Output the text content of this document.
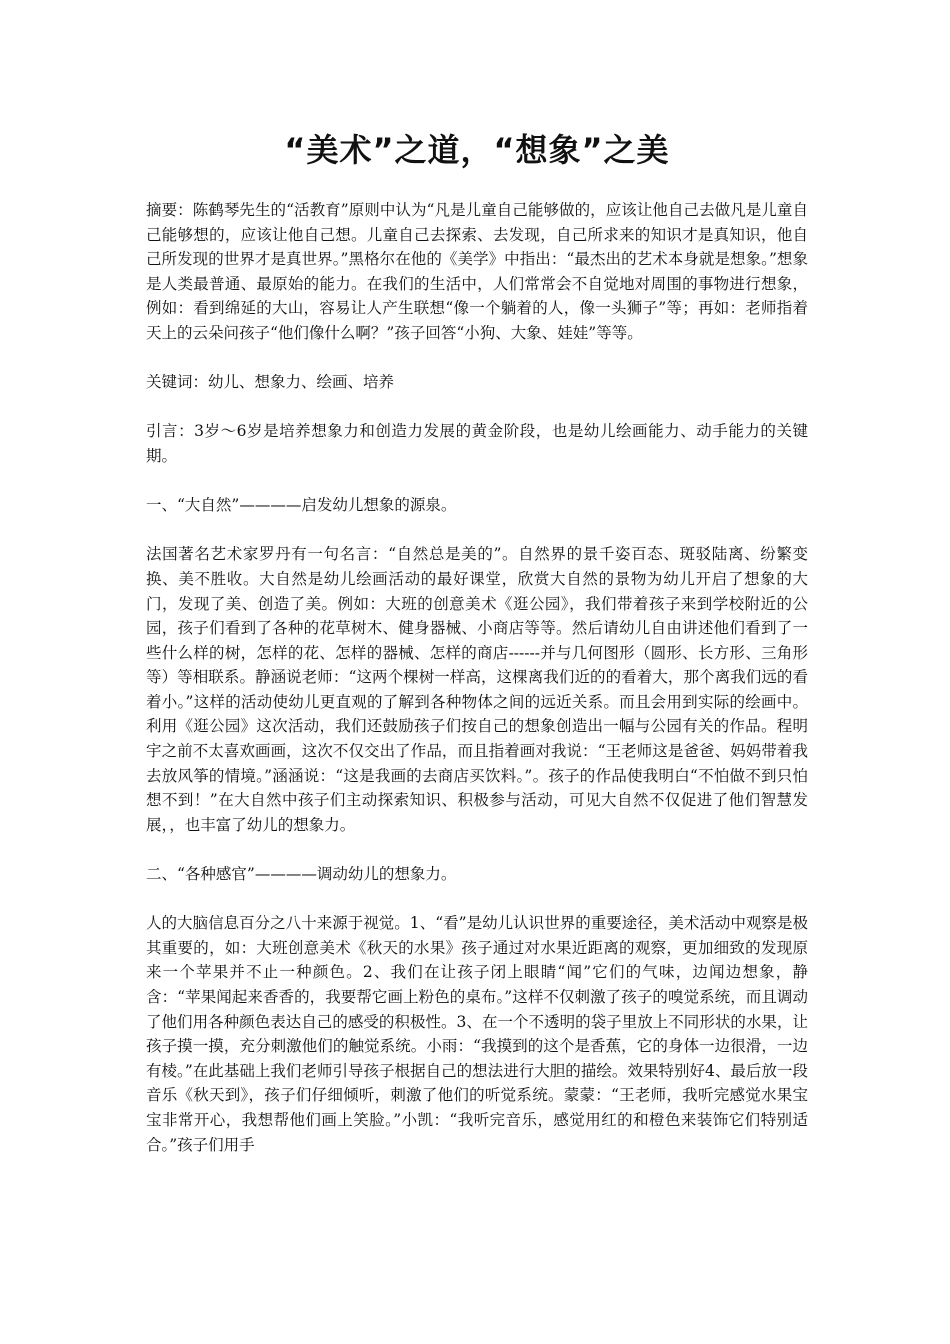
“美术”之道，“想象”之美

摘要：陈鹤琴先生的“活教育”原则中认为“凡是儿童自己能够做的，应该让他自己去做凡是儿童自己能够想的，应该让他自己想。儿童自己去探索、去发现，自己所求来的知识才是真知识，他自己所发现的世界才是真世界。”黑格尔在他的《美学》中指出：“最杰出的艺术本身就是想象。”想象是人类最普通、最原始的能力。在我们的生活中，人们常常会不自觉地对周围的事物进行想象，例如：看到绵延的大山，容易让人产生联想“像一个躺着的人，像一头狮子”等；再如：老师指着天上的云朵问孩子“他们像什么啊？”孩子回答“小狗、大象、娃娃”等等。

关键词：幼儿、想象力、绘画、培养

引言：3岁～6岁是培养想象力和创造力发展的黄金阶段，也是幼儿绘画能力、动手能力的关键期。

一、“大自然”————启发幼儿想象的源泉。

法国著名艺术家罗丹有一句名言：“自然总是美的”。自然界的景千姿百态、斑驳陆离、纷繁变换、美不胜收。大自然是幼儿绘画活动的最好课堂，欣赏大自然的景物为幼儿开启了想象的大门，发现了美、创造了美。例如：大班的创意美术《逛公园》，我们带着孩子来到学校附近的公园，孩子们看到了各种的花草树木、健身器械、小商店等等。然后请幼儿自由讲述他们看到了一些什么样的树，怎样的花、怎样的器械、怎样的商店------并与几何图形（圆形、长方形、三角形等）等相联系。静涵说老师：“这两个棵树一样高，这棵离我们近的的看着大，那个离我们远的看着小。”这样的活动使幼儿更直观的了解到各种物体之间的远近关系。而且会用到实际的绘画中。利用《逛公园》这次活动，我们还鼓励孩子们按自己的想象创造出一幅与公园有关的作品。程明宇之前不太喜欢画画，这次不仅交出了作品，而且指着画对我说：“王老师这是爸爸、妈妈带着我去放风筝的情境。”涵涵说：“这是我画的去商店买饮料。”。孩子的作品使我明白“不怕做不到只怕想不到！”在大自然中孩子们主动探索知识、积极参与活动，可见大自然不仅促进了他们智慧发展，，也丰富了幼儿的想象力。

二、“各种感官”————调动幼儿的想象力。

人的大脑信息百分之八十来源于视觉。1、“看”是幼儿认识世界的重要途径，美术活动中观察是极其重要的，如：大班创意美术《秋天的水果》孩子通过对水果近距离的观察，更加细致的发现原来一个苹果并不止一种颜色。2、我们在让孩子闭上眼睛“闻”它们的气味，边闻边想象，静含：“苹果闻起来香香的，我要帮它画上粉色的桌布。”这样不仅刺激了孩子的嗅觉系统，而且调动了他们用各种颜色表达自己的感受的积极性。3、在一个不透明的袋子里放上不同形状的水果，让孩子摸一摸，充分刺激他们的触觉系统。小雨：“我摸到的这个是香蕉，它的身体一边很滑，一边有棱。”在此基础上我们老师引导孩子根据自己的想法进行大胆的描绘。效果特别好4、最后放一段音乐《秋天到》，孩子们仔细倾听，刺激了他们的听觉系统。蒙蒙：“王老师，我听完感觉水果宝宝非常开心，我想帮他们画上笑脸。”小凯：“我听完音乐，感觉用红的和橙色来装饰它们特别适合。”孩子们用手
